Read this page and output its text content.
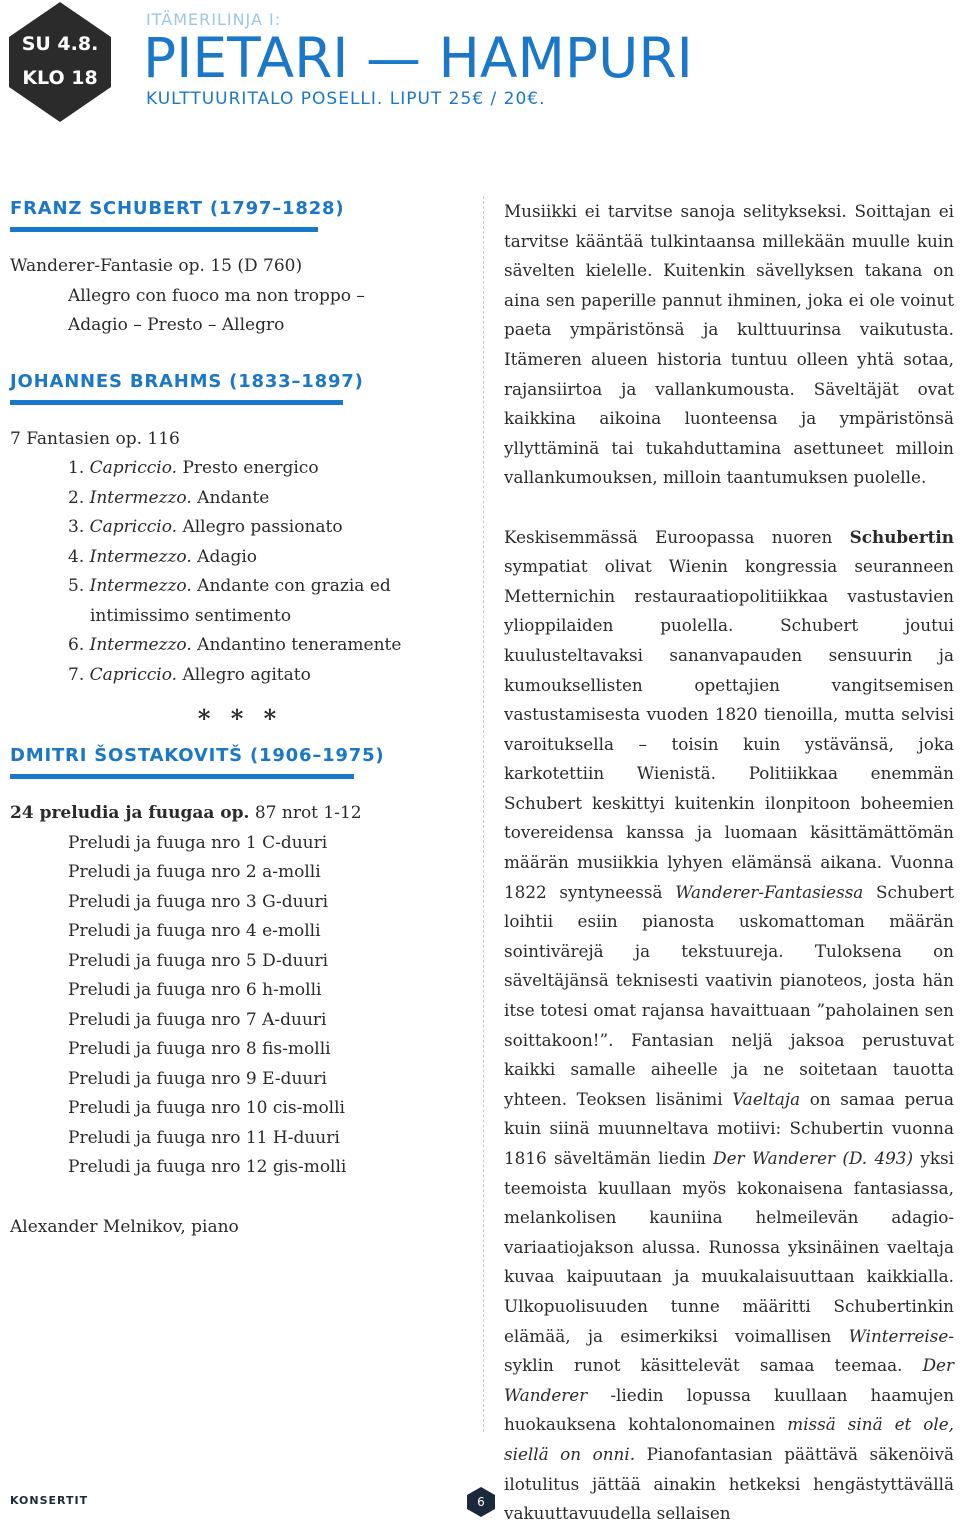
SU 4.8.
KLO 18
ITÄMERILINJA I:
PIETARI — HAMPURI
KULTTUURITALO POSELLI. LIPUT 25€ / 20€.
FRANZ SCHUBERT (1797–1828)
Wanderer-Fantasie op. 15 (D 760)
Allegro con fuoco ma non troppo –
Adagio – Presto – Allegro
JOHANNES BRAHMS (1833–1897)
7 Fantasien op. 116
1. Capriccio. Presto energico
2. Intermezzo. Andante
3. Capriccio. Allegro passionato
4. Intermezzo. Adagio
5. Intermezzo. Andante con grazia ed intimissimo sentimento
6. Intermezzo. Andantino teneramente
7. Capriccio. Allegro agitato
* * *
DMITRI ŠOSTAKOVITŠ (1906–1975)
24 preludia ja fuugaa op. 87 nrot 1-12
Preludi ja fuuga nro 1 C-duuri
Preludi ja fuuga nro 2 a-molli
Preludi ja fuuga nro 3 G-duuri
Preludi ja fuuga nro 4 e-molli
Preludi ja fuuga nro 5 D-duuri
Preludi ja fuuga nro 6 h-molli
Preludi ja fuuga nro 7 A-duuri
Preludi ja fuuga nro 8 fis-molli
Preludi ja fuuga nro 9 E-duuri
Preludi ja fuuga nro 10 cis-molli
Preludi ja fuuga nro 11 H-duuri
Preludi ja fuuga nro 12 gis-molli
Alexander Melnikov, piano

Musiikki ei tarvitse sanoja selitykseksi. Soittajan ei tarvitse kääntää tulkintaansa millekään muulle kuin sävelten kielelle. Kuitenkin sävellyksen takana on aina sen paperille pannut ihminen, joka ei ole voinut paeta ympäristönsä ja kulttuurinsa vaikutusta. Itämeren alueen historia tuntuu olleen yhtä sotaa, rajansiirtoa ja vallankumousta. Säveltäjät ovat kaikkina aikoina luonteensa ja ympäristönsä yllyttäminä tai tukahduttamina asettuneet milloin vallankumouksen, milloin taantumuksen puolelle.

Keskisemmässä Euroopassa nuoren Schubertin sympatiat olivat Wienin kongressia seuranneen Metternichin restauraatiopolitiikkaa vastustavien ylioppilaiden puolella. Schubert joutui kuulusteltavaksi sananvapauden sensuurin ja kumouksellisten opettajien vangitsemisen vastustamisesta vuoden 1820 tienoilla, mutta selvisi varoituksella – toisin kuin ystävänsä, joka karkotettiin Wienistä. Politiikkaa enemmän Schubert keskittyi kuitenkin ilonpitoon boheemien tovereidensa kanssa ja luomaan käsittämättömän määrän musiikkia lyhyen elämänsä aikana. Vuonna 1822 syntyneessä Wanderer-Fantasiessa Schubert loihtii esiin pianosta uskomattoman määrän sointivärejä ja tekstuureja. Tuloksena on säveltäjänsä teknisesti vaativin pianoteos, josta hän itse totesi omat rajansa havaittuaan ”paholainen sen soittakoon!”. Fantasian neljä jaksoa perustuvat kaikki samalle aiheelle ja ne soitetaan tauotta yhteen. Teoksen lisänimi Vaeltaja on samaa perua kuin siinä muunneltava motiivi: Schubertin vuonna 1816 säveltämän liedin Der Wanderer (D. 493) yksi teemoista kuullaan myös kokonaisena fantasiassa, melankolisen kauniina helmeilevän adagio-variaatiojakson alussa. Runossa yksinäinen vaeltaja kuvaa kaipuutaan ja muukalaisuuttaan kaikkialla. Ulkopuolisuuden tunne määritti Schubertinkin elämää, ja esimerkiksi voimallisen Winterreise-syklin runot käsittelevät samaa teemaa. Der Wanderer -liedin lopussa kuullaan haamujen huokauksena kohtalonomainen missä sinä et ole, siellä on onni. Pianofantasian päättävä säkenöivä ilotulitus jättää ainakin hetkeksi hengästyttävällä vakuuttavuudella sellaisen

KONSERTIT	6
